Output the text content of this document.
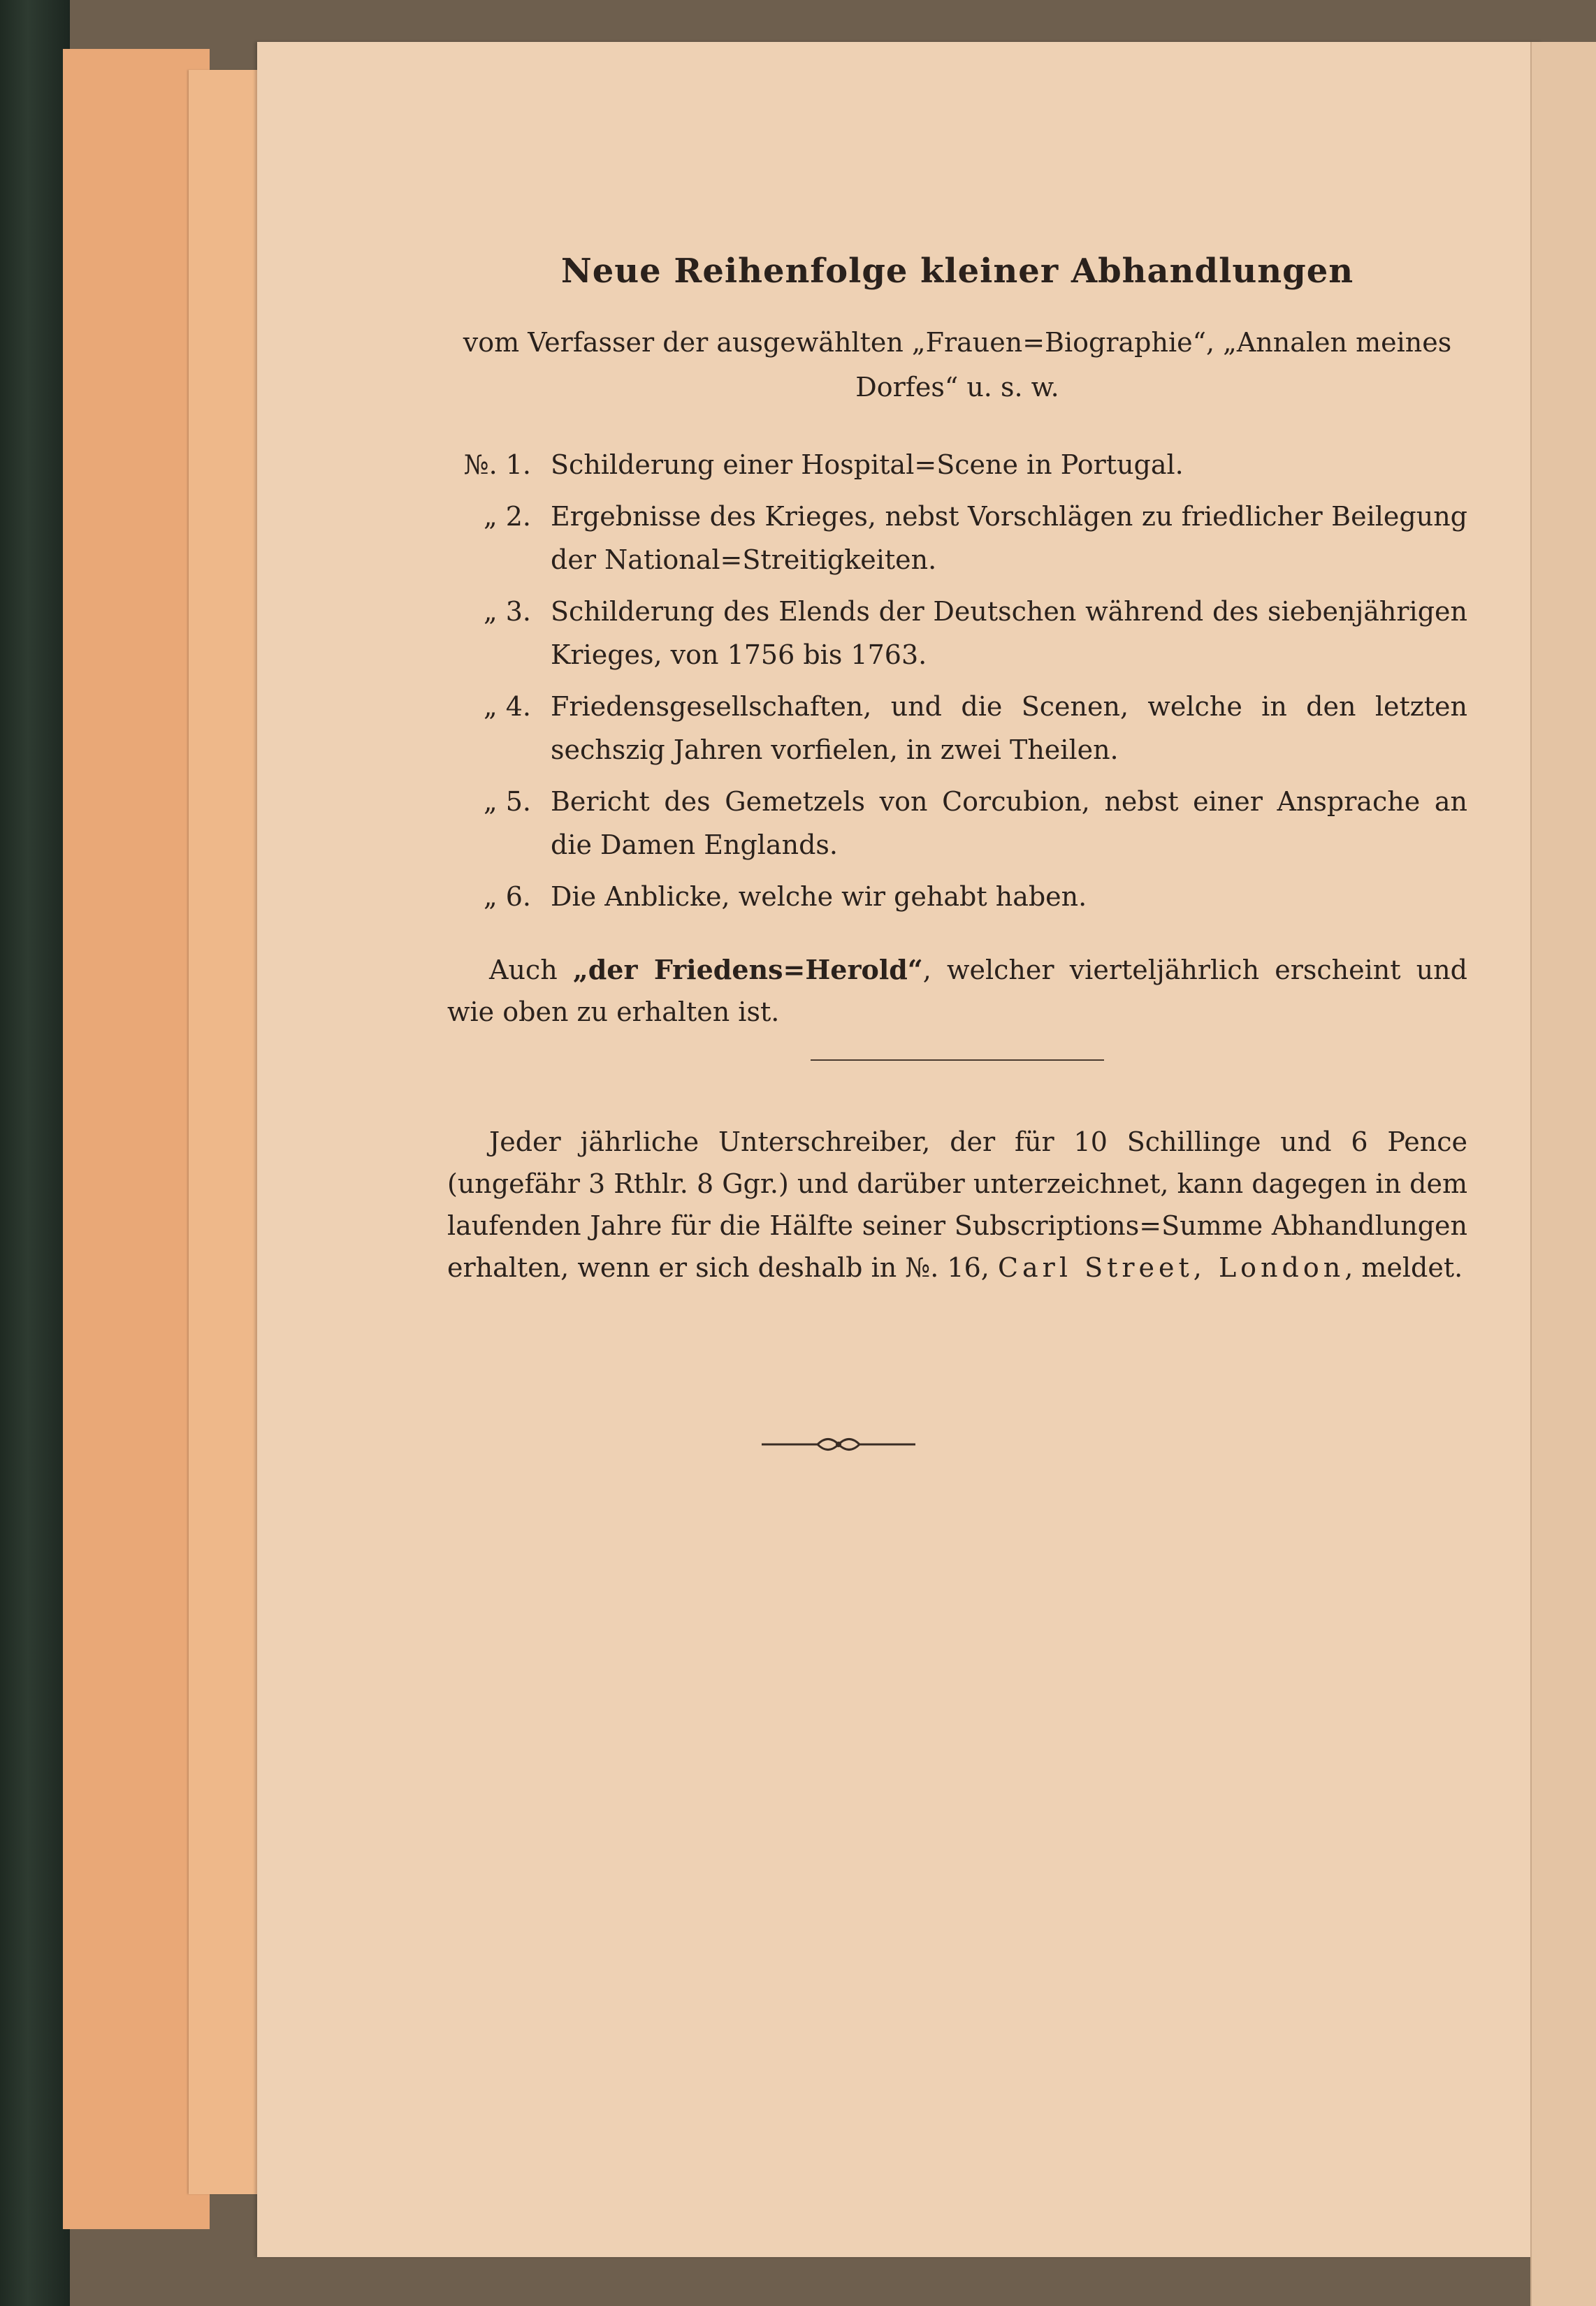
Neue Reihenfolge kleiner Abhandlungen

vom Verfasser der ausgewählten „Frauen=Biographie“, „Annalen meines Dorfes“ u. s. w.

№. 1. Schilderung einer Hospital=Scene in Portugal.
„ 2. Ergebnisse des Krieges, nebst Vorschlägen zu friedlicher Beilegung der National=Streitigkeiten.
„ 3. Schilderung des Elends der Deutschen während des siebenjährigen Krieges, von 1756 bis 1763.
„ 4. Friedensgesellschaften, und die Scenen, welche in den letzten sechszig Jahren vorfielen, in zwei Theilen.
„ 5. Bericht des Gemetzels von Corcubion, nebst einer Ansprache an die Damen Englands.
„ 6. Die Anblicke, welche wir gehabt haben.

Auch „der Friedens=Herold“, welcher vierteljährlich erscheint und wie oben zu erhalten ist.

Jeder jährliche Unterschreiber, der für 10 Schillinge und 6 Pence (ungefähr 3 Rthlr. 8 Ggr.) und darüber unterzeichnet, kann dagegen in dem laufenden Jahre für die Hälfte seiner Subscriptions=Summe Abhandlungen erhalten, wenn er sich deshalb in №. 16, Carl Street, London, meldet.
